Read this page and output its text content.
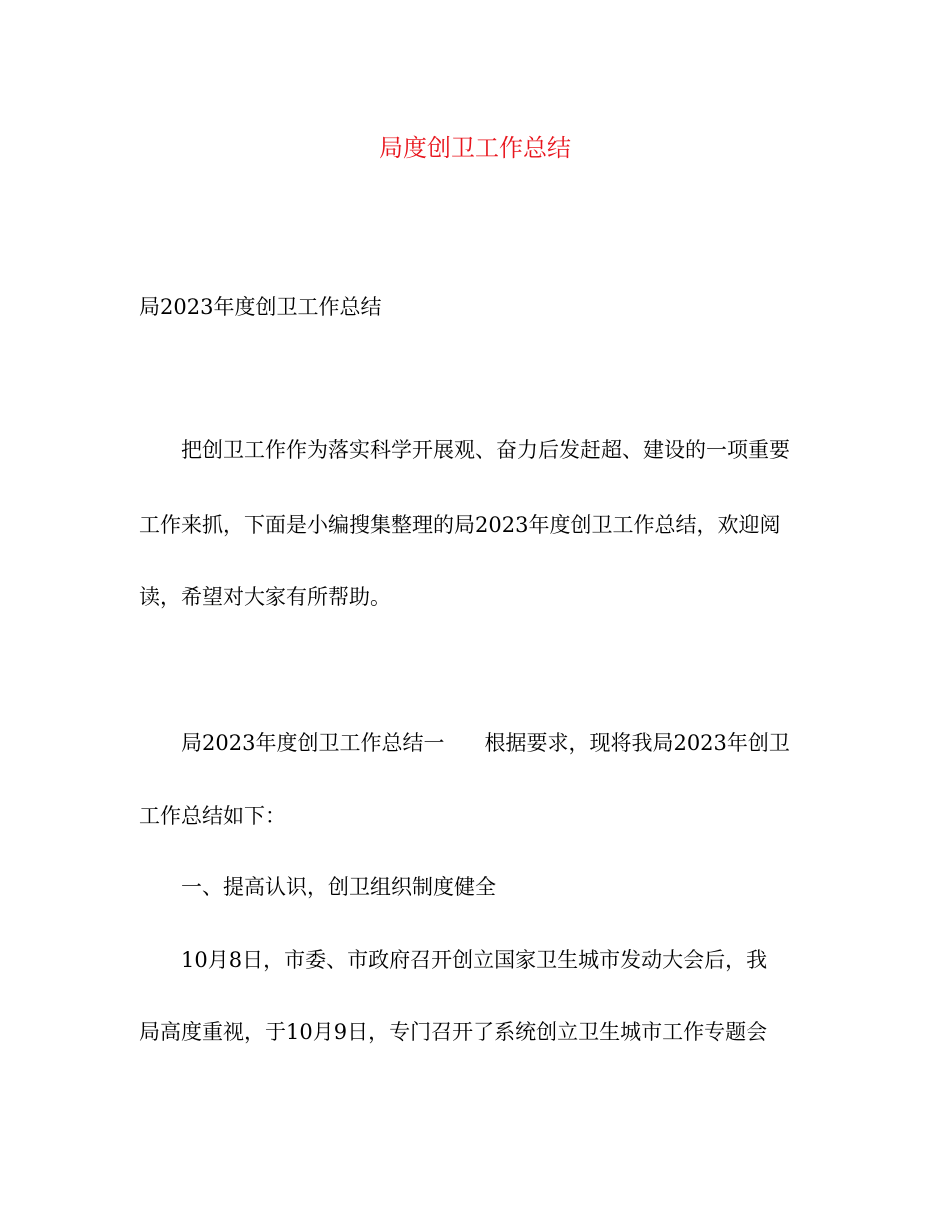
局度创卫工作总结
局2023年度创卫工作总结
把创卫工作作为落实科学开展观、奋力后发赶超、建设的一项重要
工作来抓，下面是小编搜集整理的局2023年度创卫工作总结，欢迎阅
读，希望对大家有所帮助。
局2023年度创卫工作总结一 根据要求，现将我局2023年创卫
工作总结如下：
一、提高认识，创卫组织制度健全
10月8日，市委、市政府召开创立国家卫生城市发动大会后，我
局高度重视，于10月9日，专门召开了系统创立卫生城市工作专题会
